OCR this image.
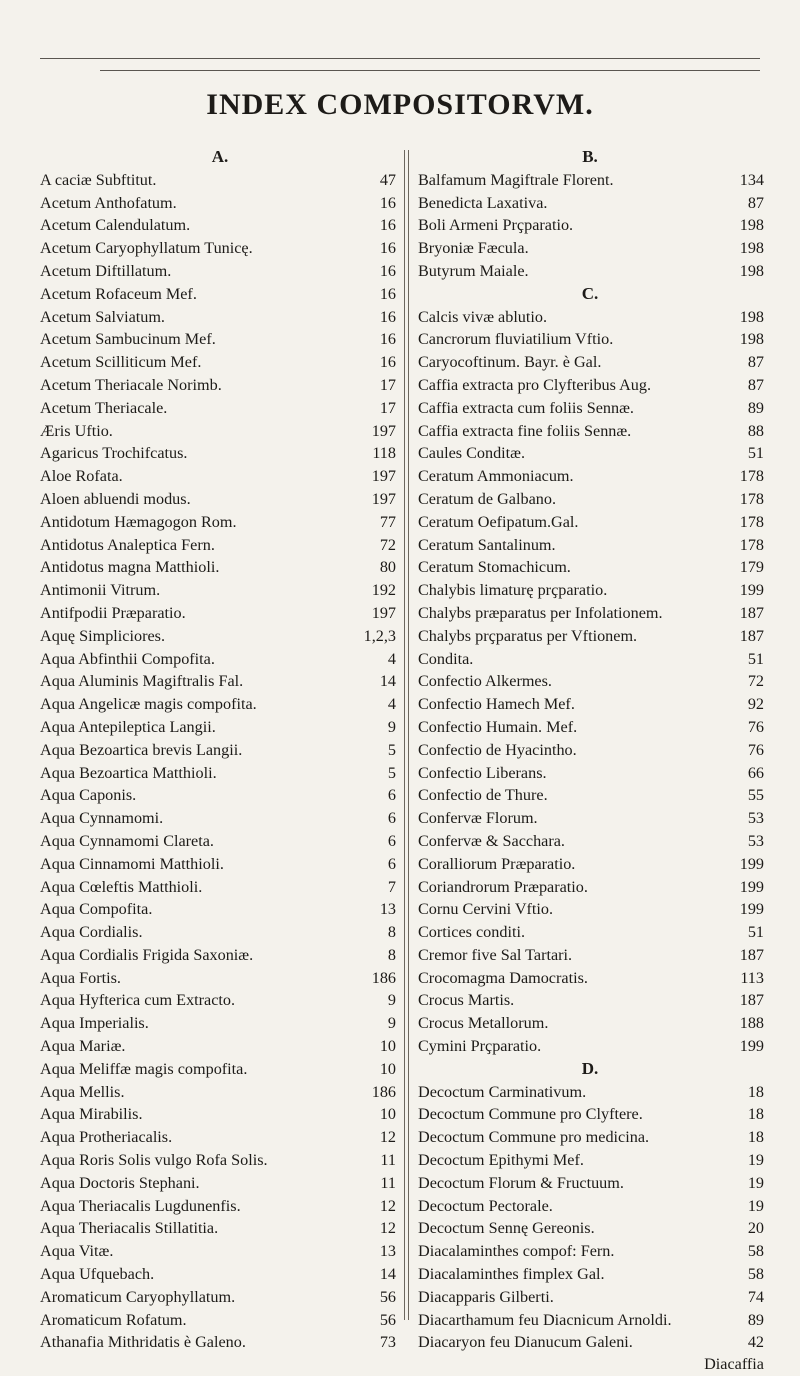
INDEX COMPOSITORVM.
A.
A caciæ Subftitut.	47
Acetum Anthofatum.	16
Acetum Calendulatum.	16
Acetum Caryophyllatum Tunicę.	16
Acetum Diftillatum.	16
Acetum Rofaceum Mef.	16
Acetum Salviatum.	16
Acetum Sambucinum Mef.	16
Acetum Scilliticum Mef.	16
Acetum Theriacale Norimb.	17
Acetum Theriacale.	17
Æris Uftio.	197
Agaricus Trochifcatus.	118
Aloe Rofata.	197
Aloen abluendi modus.	197
Antidotum Hæmagogon Rom.	77
Antidotus Analeptica Fern.	72
Antidotus magna Matthioli.	80
Antimonii Vitrum.	192
Antifpodii Præparatio.	197
Aquę Simpliciores.	1,2,3
Aqua Abfinthii Compofita.	4
Aqua Aluminis Magiftralis Fal.	14
Aqua Angelicæ magis compofita.	4
Aqua Antepileptica Langii.	9
Aqua Bezoartica brevis Langii.	5
Aqua Bezoartica Matthioli.	5
Aqua Caponis.	6
Aqua Cynnamomi.	6
Aqua Cynnamomi Clareta.	6
Aqua Cinnamomi Matthioli.	6
Aqua Cœleftis Matthioli.	7
Aqua Compofita.	13
Aqua Cordialis.	8
Aqua Cordialis Frigida Saxoniæ.	8
Aqua Fortis.	186
Aqua Hyfterica cum Extracto.	9
Aqua Imperialis.	9
Aqua Mariæ.	10
Aqua Meliffæ magis compofita.	10
Aqua Mellis.	186
Aqua Mirabilis.	10
Aqua Protheriacalis.	12
Aqua Roris Solis vulgo Rofa Solis.	11
Aqua Doctoris Stephani.	11
Aqua Theriacalis Lugdunenfis.	12
Aqua Theriacalis Stillatitia.	12
Aqua Vitæ.	13
Aqua Ufquebach.	14
Aromaticum Caryophyllatum.	56
Aromaticum Rofatum.	56
Athanafia Mithridatis è Galeno.	73
B.
Balfamum Magiftrale Florent.	134
Benedicta Laxativa.	87
Boli Armeni Prҫparatio.	198
Bryoniæ Fæcula.	198
Butyrum Maiale.	198
C.
Calcis vivæ ablutio.	198
Cancrorum fluviatilium Vftio.	198
Caryocoftinum. Bayr. è Gal.	87
Caffia extracta pro Clyfteribus Aug.	87
Caffia extracta cum foliis Sennæ.	89
Caffia extracta fine foliis Sennæ.	88
Caules Conditæ.	51
Ceratum Ammoniacum.	178
Ceratum de Galbano.	178
Ceratum Oefipatum.Gal.	178
Ceratum Santalinum.	178
Ceratum Stomachicum.	179
Chalybis limaturę prҫparatio.	199
Chalybs præparatus per Infolationem.	187
Chalybs prҫparatus per Vftionem.	187
Condita.	51
Confectio Alkermes.	72
Confectio Hamech Mef.	92
Confectio Humain. Mef.	76
Confectio de Hyacintho.	76
Confectio Liberans.	66
Confectio de Thure.	55
Confervæ Florum.	53
Confervæ & Sacchara.	53
Coralliorum Præparatio.	199
Coriandrorum Præparatio.	199
Cornu Cervini Vftio.	199
Cortices conditi.	51
Cremor five Sal Tartari.	187
Crocomagma Damocratis.	113
Crocus Martis.	187
Crocus Metallorum.	188
Cymini Prҫparatio.	199
D.
Decoctum Carminativum.	18
Decoctum Commune pro Clyftere.	18
Decoctum Commune pro medicina.	18
Decoctum Epithymi Mef.	19
Decoctum Florum & Fructuum.	19
Decoctum Pectorale.	19
Decoctum Sennę Gereonis.	20
Diacalaminthes compof: Fern.	58
Diacalaminthes fimplex Gal.	58
Diacapparis Gilberti.	74
Diacarthamum feu Diacnicum Arnoldi.	89
Diacaryon feu Dianucum Galeni.	42
Diacaffia
